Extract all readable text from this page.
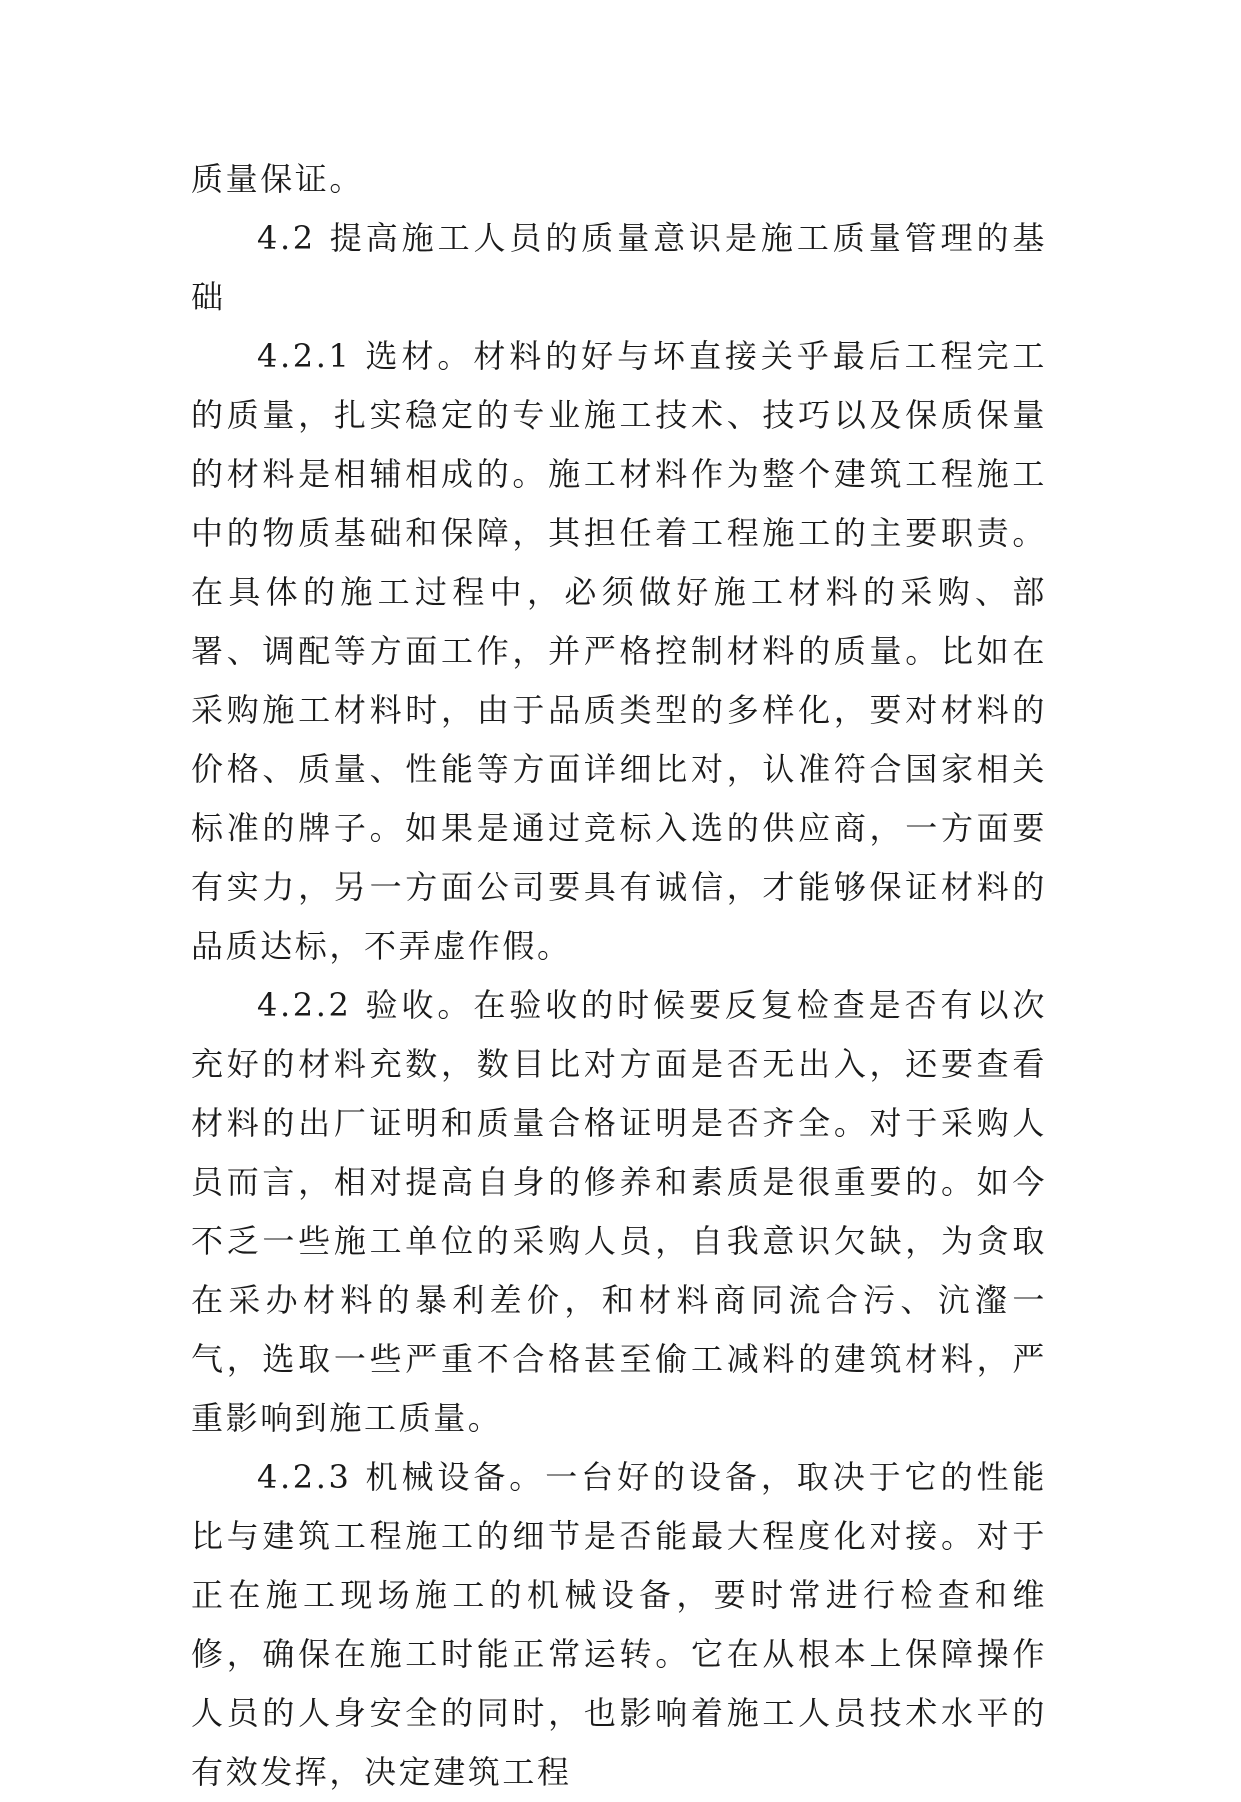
质量保证。

4.2 提高施工人员的质量意识是施工质量管理的基础

4.2.1 选材。材料的好与坏直接关乎最后工程完工的质量，扎实稳定的专业施工技术、技巧以及保质保量的材料是相辅相成的。施工材料作为整个建筑工程施工中的物质基础和保障，其担任着工程施工的主要职责。在具体的施工过程中，必须做好施工材料的采购、部署、调配等方面工作，并严格控制材料的质量。比如在采购施工材料时，由于品质类型的多样化，要对材料的价格、质量、性能等方面详细比对，认准符合国家相关标准的牌子。如果是通过竞标入选的供应商，一方面要有实力，另一方面公司要具有诚信，才能够保证材料的品质达标，不弄虚作假。

4.2.2 验收。在验收的时候要反复检查是否有以次充好的材料充数，数目比对方面是否无出入，还要查看材料的出厂证明和质量合格证明是否齐全。对于采购人员而言，相对提高自身的修养和素质是很重要的。如今不乏一些施工单位的采购人员，自我意识欠缺，为贪取在采办材料的暴利差价，和材料商同流合污、沆瀣一气，选取一些严重不合格甚至偷工减料的建筑材料，严重影响到施工质量。

4.2.3 机械设备。一台好的设备，取决于它的性能比与建筑工程施工的细节是否能最大程度化对接。对于正在施工现场施工的机械设备，要时常进行检查和维修，确保在施工时能正常运转。它在从根本上保障操作人员的人身安全的同时，也影响着施工人员技术水平的有效发挥，决定建筑工程
